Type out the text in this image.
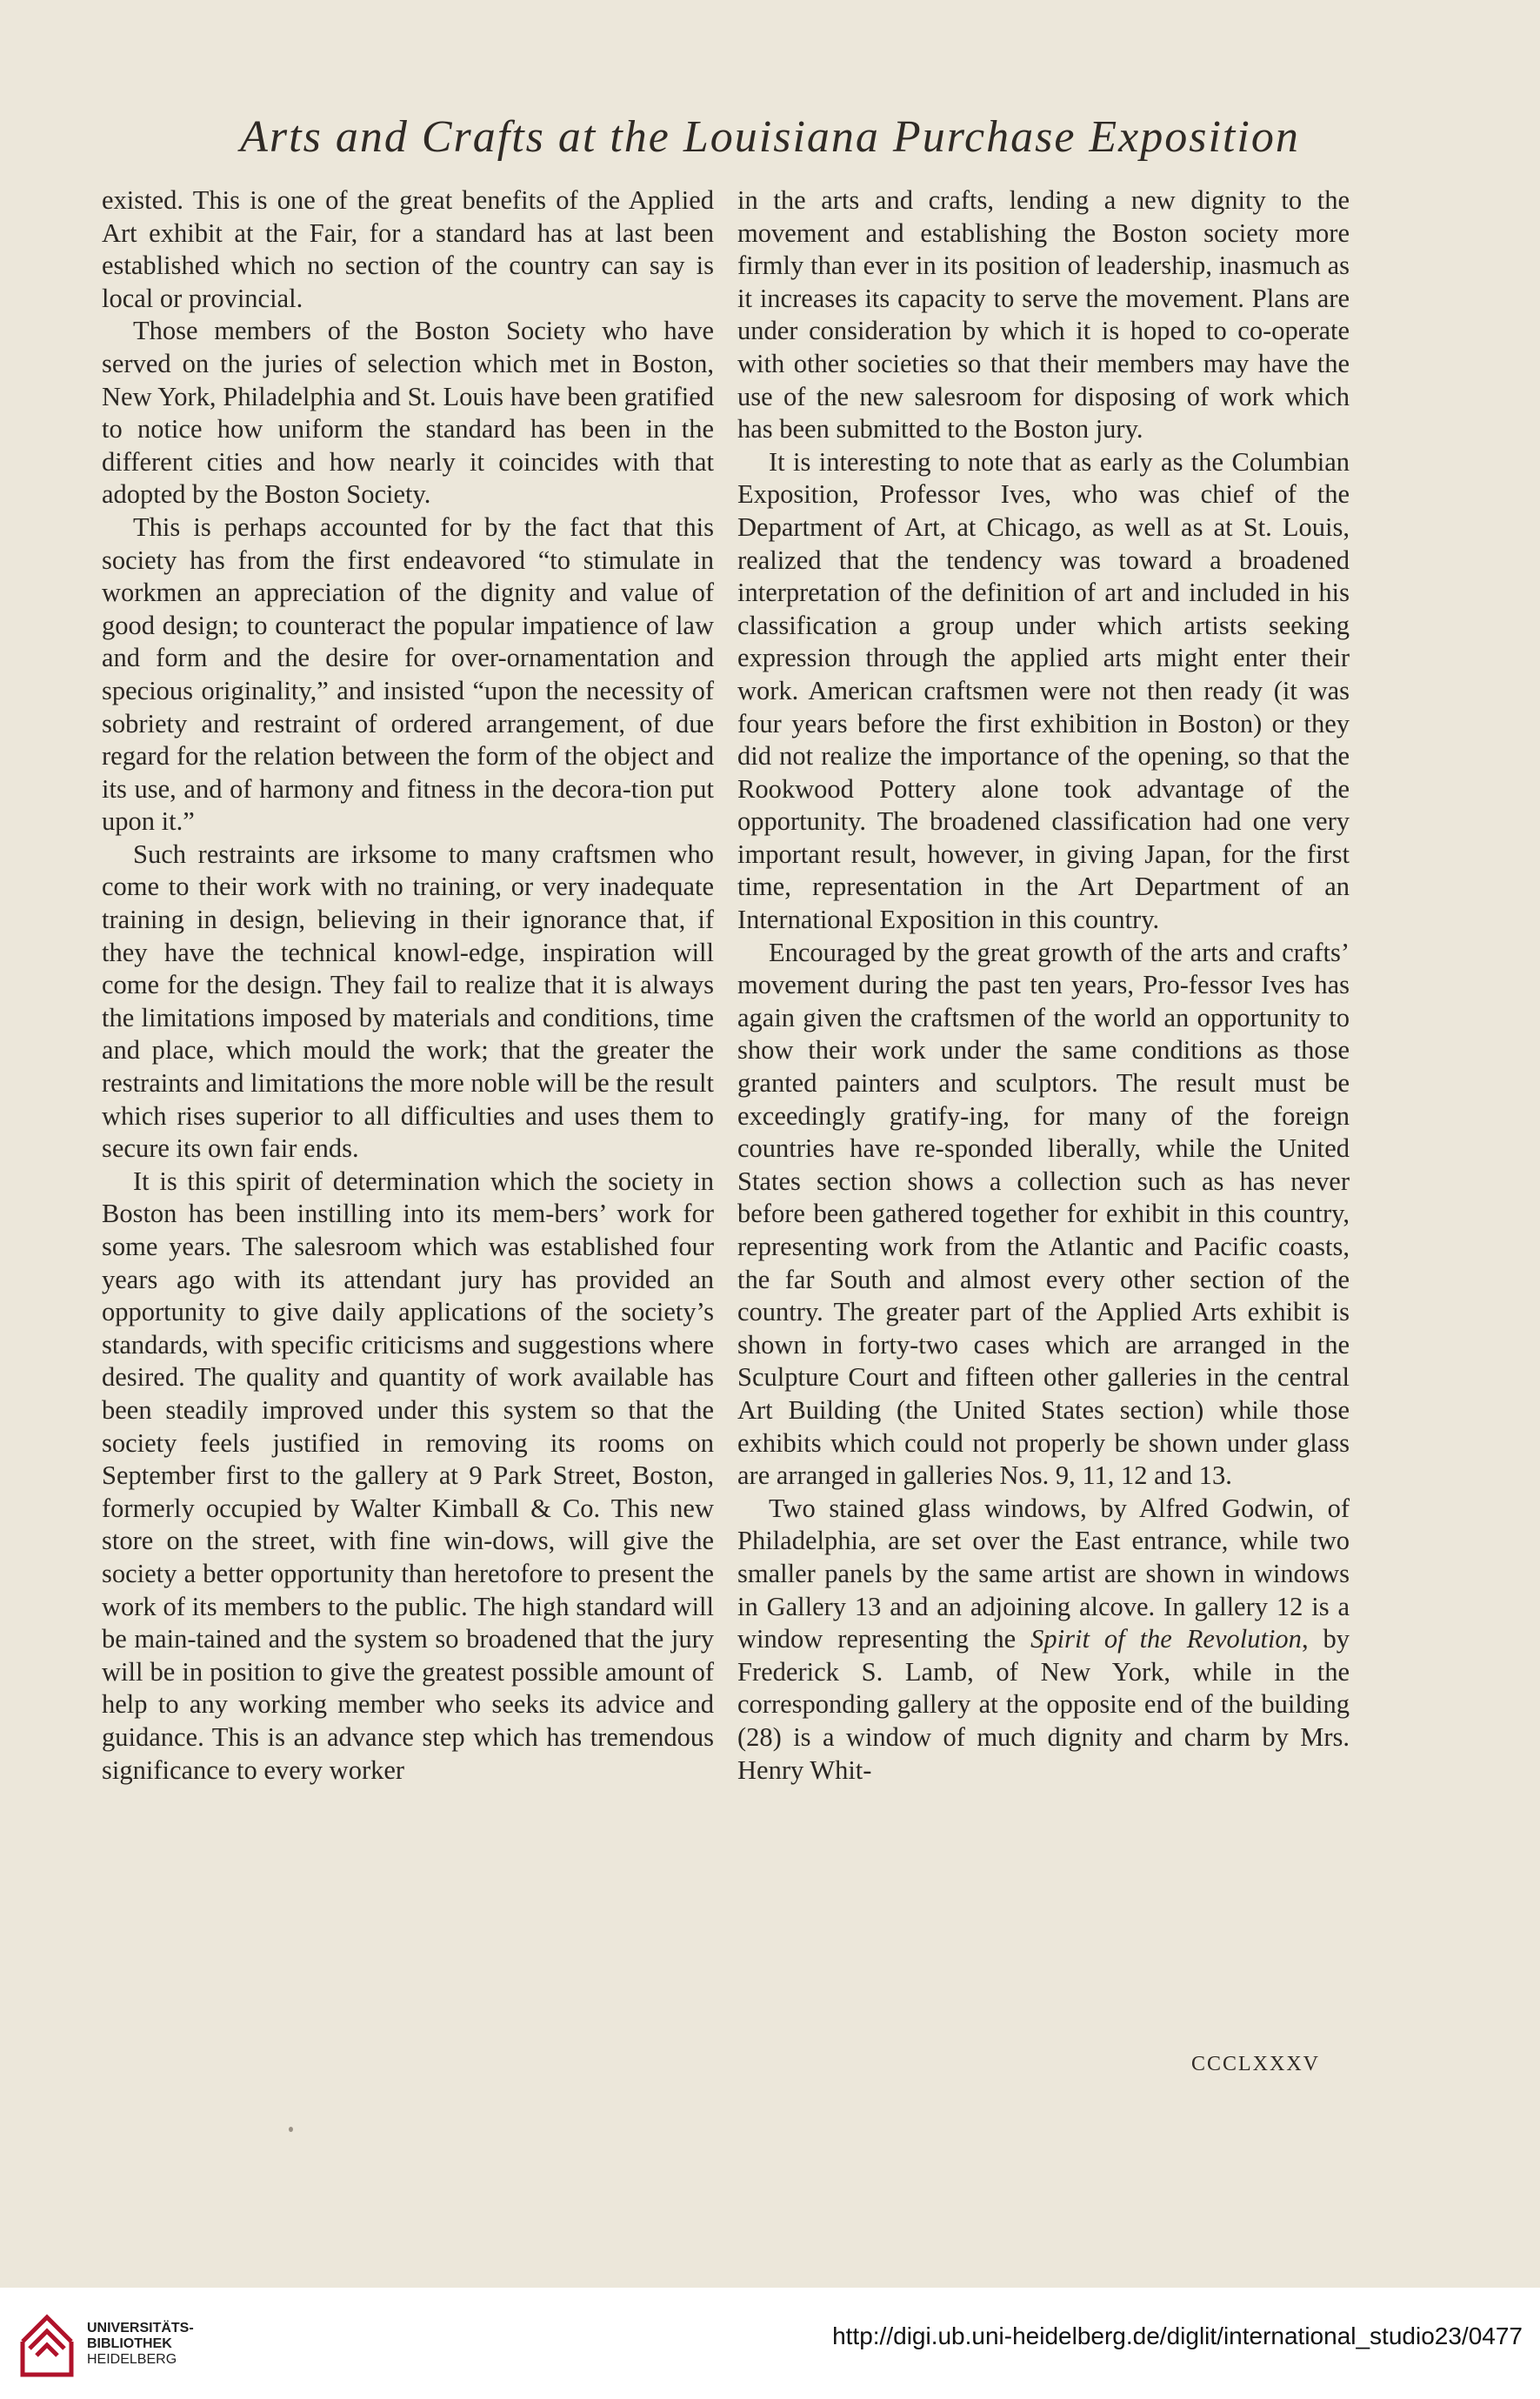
Arts and Crafts at the Louisiana Purchase Exposition

existed. This is one of the great benefits of the Applied Art exhibit at the Fair, for a standard has at last been established which no section of the country can say is local or provincial.

Those members of the Boston Society who have served on the juries of selection which met in Boston, New York, Philadelphia and St. Louis have been gratified to notice how uniform the standard has been in the different cities and how nearly it coincides with that adopted by the Boston Society.

This is perhaps accounted for by the fact that this society has from the first endeavored “to stimulate in workmen an appreciation of the dignity and value of good design; to counteract the popular impatience of law and form and the desire for over-ornamentation and specious originality,” and insisted “upon the necessity of sobriety and restraint of ordered arrangement, of due regard for the relation between the form of the object and its use, and of harmony and fitness in the decora-tion put upon it.”

Such restraints are irksome to many craftsmen who come to their work with no training, or very inadequate training in design, believing in their ignorance that, if they have the technical knowl-edge, inspiration will come for the design. They fail to realize that it is always the limitations imposed by materials and conditions, time and place, which mould the work; that the greater the restraints and limitations the more noble will be the result which rises superior to all difficulties and uses them to secure its own fair ends.

It is this spirit of determination which the society in Boston has been instilling into its mem-bers’ work for some years. The salesroom which was established four years ago with its attendant jury has provided an opportunity to give daily applications of the society’s standards, with specific criticisms and suggestions where desired. The quality and quantity of work available has been steadily improved under this system so that the society feels justified in removing its rooms on September first to the gallery at 9 Park Street, Boston, formerly occupied by Walter Kimball & Co. This new store on the street, with fine win-dows, will give the society a better opportunity than heretofore to present the work of its members to the public. The high standard will be main-tained and the system so broadened that the jury will be in position to give the greatest possible amount of help to any working member who seeks its advice and guidance. This is an advance step which has tremendous significance to every worker

in the arts and crafts, lending a new dignity to the movement and establishing the Boston society more firmly than ever in its position of leadership, inasmuch as it increases its capacity to serve the movement. Plans are under consideration by which it is hoped to co-operate with other societies so that their members may have the use of the new salesroom for disposing of work which has been submitted to the Boston jury.

It is interesting to note that as early as the Columbian Exposition, Professor Ives, who was chief of the Department of Art, at Chicago, as well as at St. Louis, realized that the tendency was toward a broadened interpretation of the definition of art and included in his classification a group under which artists seeking expression through the applied arts might enter their work. American craftsmen were not then ready (it was four years before the first exhibition in Boston) or they did not realize the importance of the opening, so that the Rookwood Pottery alone took advantage of the opportunity. The broadened classification had one very important result, however, in giving Japan, for the first time, representation in the Art Department of an International Exposition in this country.

Encouraged by the great growth of the arts and crafts’ movement during the past ten years, Pro-fessor Ives has again given the craftsmen of the world an opportunity to show their work under the same conditions as those granted painters and sculptors. The result must be exceedingly gratify-ing, for many of the foreign countries have re-sponded liberally, while the United States section shows a collection such as has never before been gathered together for exhibit in this country, representing work from the Atlantic and Pacific coasts, the far South and almost every other section of the country. The greater part of the Applied Arts exhibit is shown in forty-two cases which are arranged in the Sculpture Court and fifteen other galleries in the central Art Building (the United States section) while those exhibits which could not properly be shown under glass are arranged in galleries Nos. 9, 11, 12 and 13.

Two stained glass windows, by Alfred Godwin, of Philadelphia, are set over the East entrance, while two smaller panels by the same artist are shown in windows in Gallery 13 and an adjoining alcove. In gallery 12 is a window representing the Spirit of the Revolution, by Frederick S. Lamb, of New York, while in the corresponding gallery at the opposite end of the building (28) is a window of much dignity and charm by Mrs. Henry Whit-

CCCLXXXV
UNIVERSITÄTS-
BIBLIOTHEK
HEIDELBERG
http://digi.ub.uni-heidelberg.de/diglit/international_studio23/0477
